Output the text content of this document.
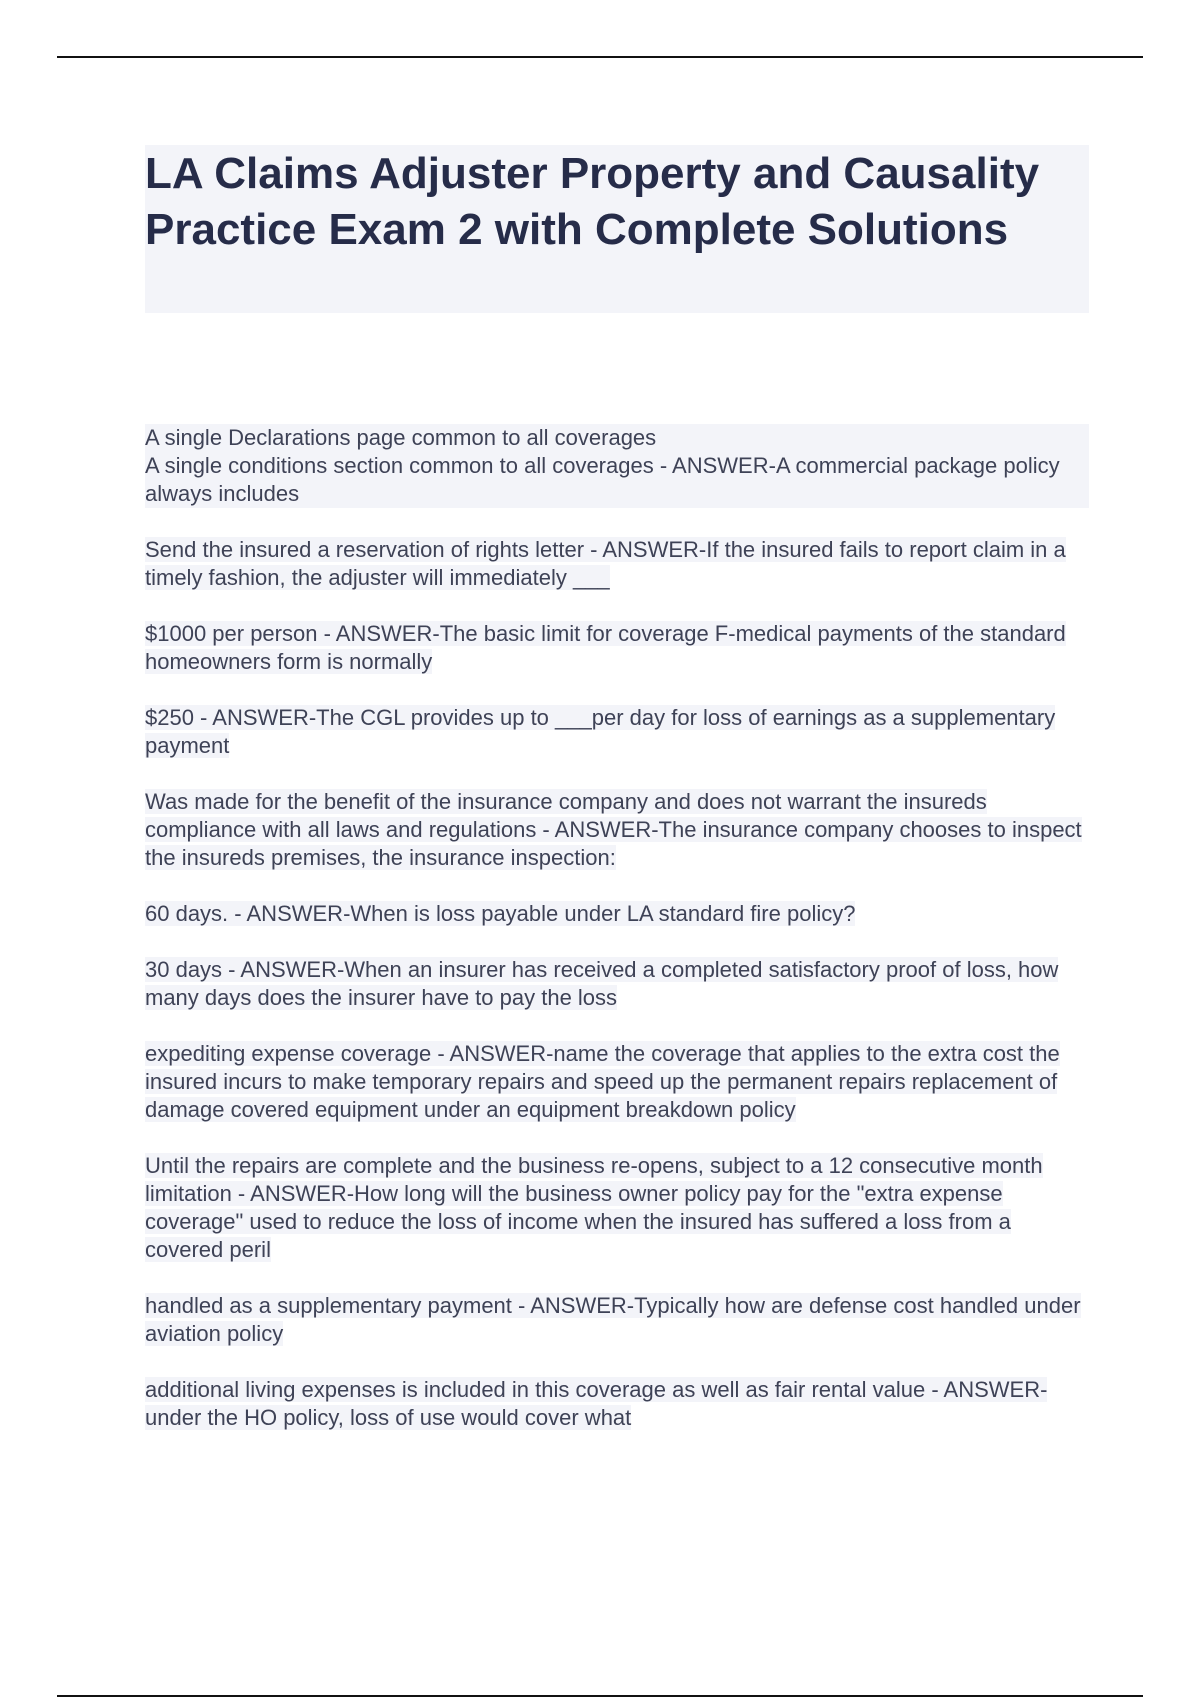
LA Claims Adjuster Property and Causality Practice Exam 2 with Complete Solutions

A single Declarations page common to all coverages
A single conditions section common to all coverages - ANSWER-A commercial package policy always includes

Send the insured a reservation of rights letter - ANSWER-If the insured fails to report claim in a timely fashion, the adjuster will immediately ___

$1000 per person - ANSWER-The basic limit for coverage F-medical payments of the standard homeowners form is normally

$250 - ANSWER-The CGL provides up to ___per day for loss of earnings as a supplementary payment

Was made for the benefit of the insurance company and does not warrant the insureds compliance with all laws and regulations - ANSWER-The insurance company chooses to inspect the insureds premises, the insurance inspection:

60 days. - ANSWER-When is loss payable under LA standard fire policy?

30 days - ANSWER-When an insurer has received a completed satisfactory proof of loss, how many days does the insurer have to pay the loss

expediting expense coverage - ANSWER-name the coverage that applies to the extra cost the insured incurs to make temporary repairs and speed up the permanent repairs replacement of damage covered equipment under an equipment breakdown policy

Until the repairs are complete and the business re-opens, subject to a 12 consecutive month limitation - ANSWER-How long will the business owner policy pay for the "extra expense coverage" used to reduce the loss of income when the insured has suffered a loss from a covered peril

handled as a supplementary payment - ANSWER-Typically how are defense cost handled under aviation policy

additional living expenses is included in this coverage as well as fair rental value - ANSWER-under the HO policy, loss of use would cover what
